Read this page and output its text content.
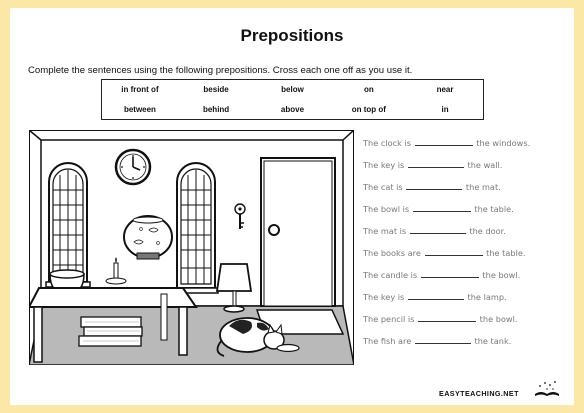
Prepositions
Complete the sentences using the following prepositions. Cross each one off as you use it.
in front of	beside	below	on	near
between	behind	above	on top of	in
The clock is	the windows.
The key is	the wall.
The cat is	the mat.
The bowl is	the table.
The mat is	the door.
The books are	the table.
The candle is	the bowl.
The key is	the lamp.
The pencil is	the bowl.
The fish are	the tank.
EASYTEACHING.NET
